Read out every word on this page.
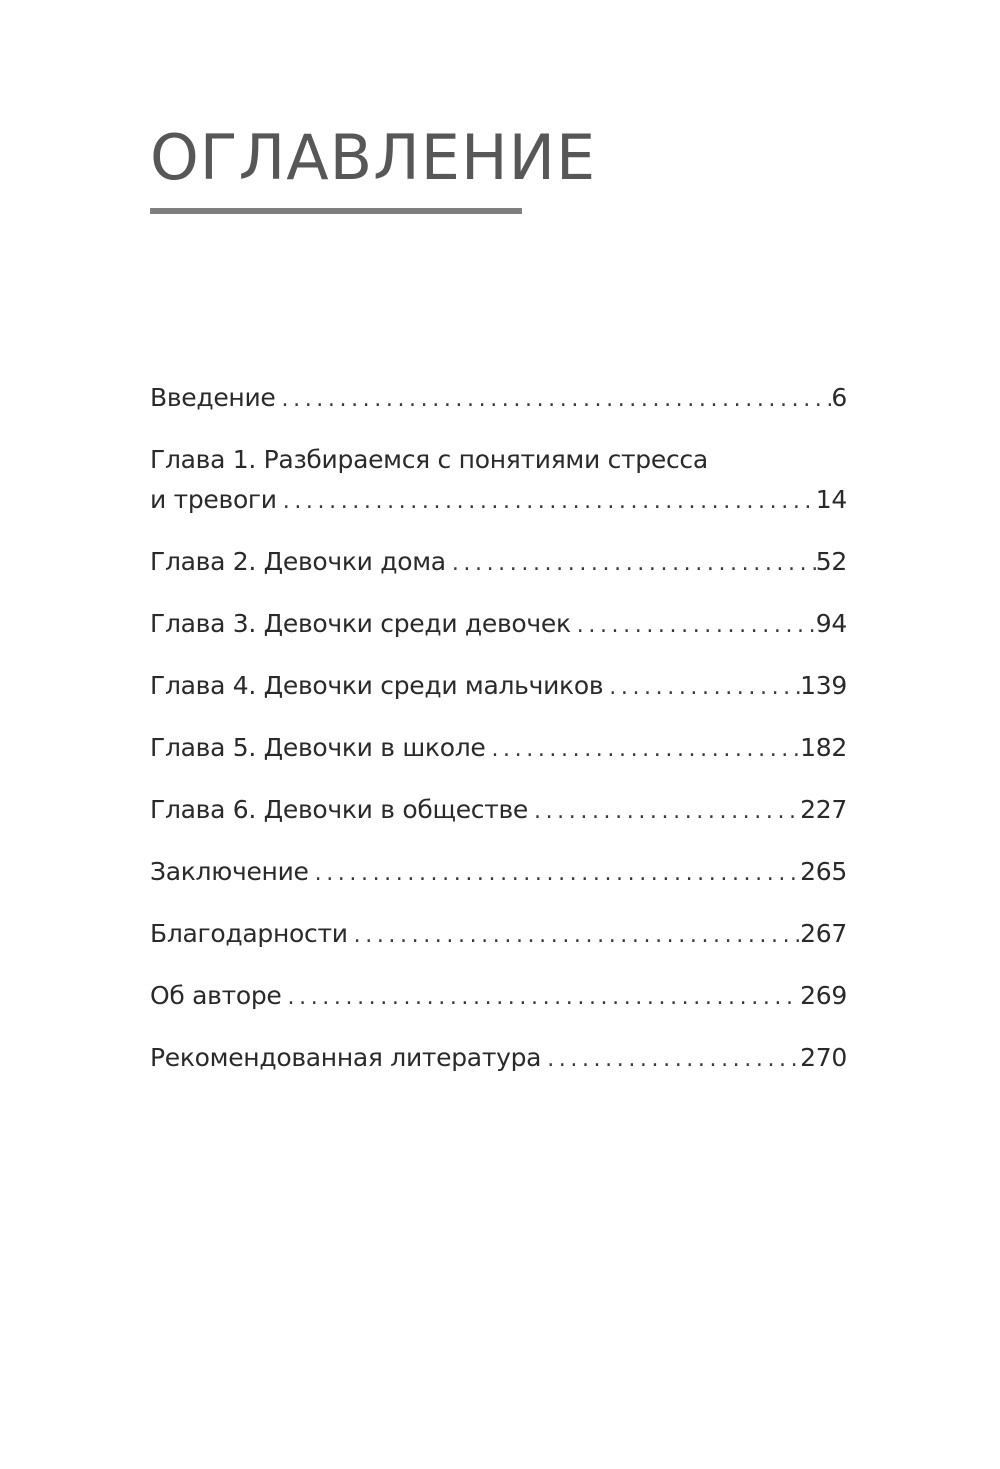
ОГЛАВЛЕНИЕ
Введение .....	6
Глава 1. Разбираемся с понятиями стресса
и тревоги .....	14
Глава 2. Девочки дома .....	52
Глава 3. Девочки среди девочек .....	94
Глава 4. Девочки среди мальчиков .....	139
Глава 5. Девочки в школе .....	182
Глава 6. Девочки в обществе .....	227
Заключение .....	265
Благодарности .....	267
Об авторе .....	269
Рекомендованная литература .....	270
